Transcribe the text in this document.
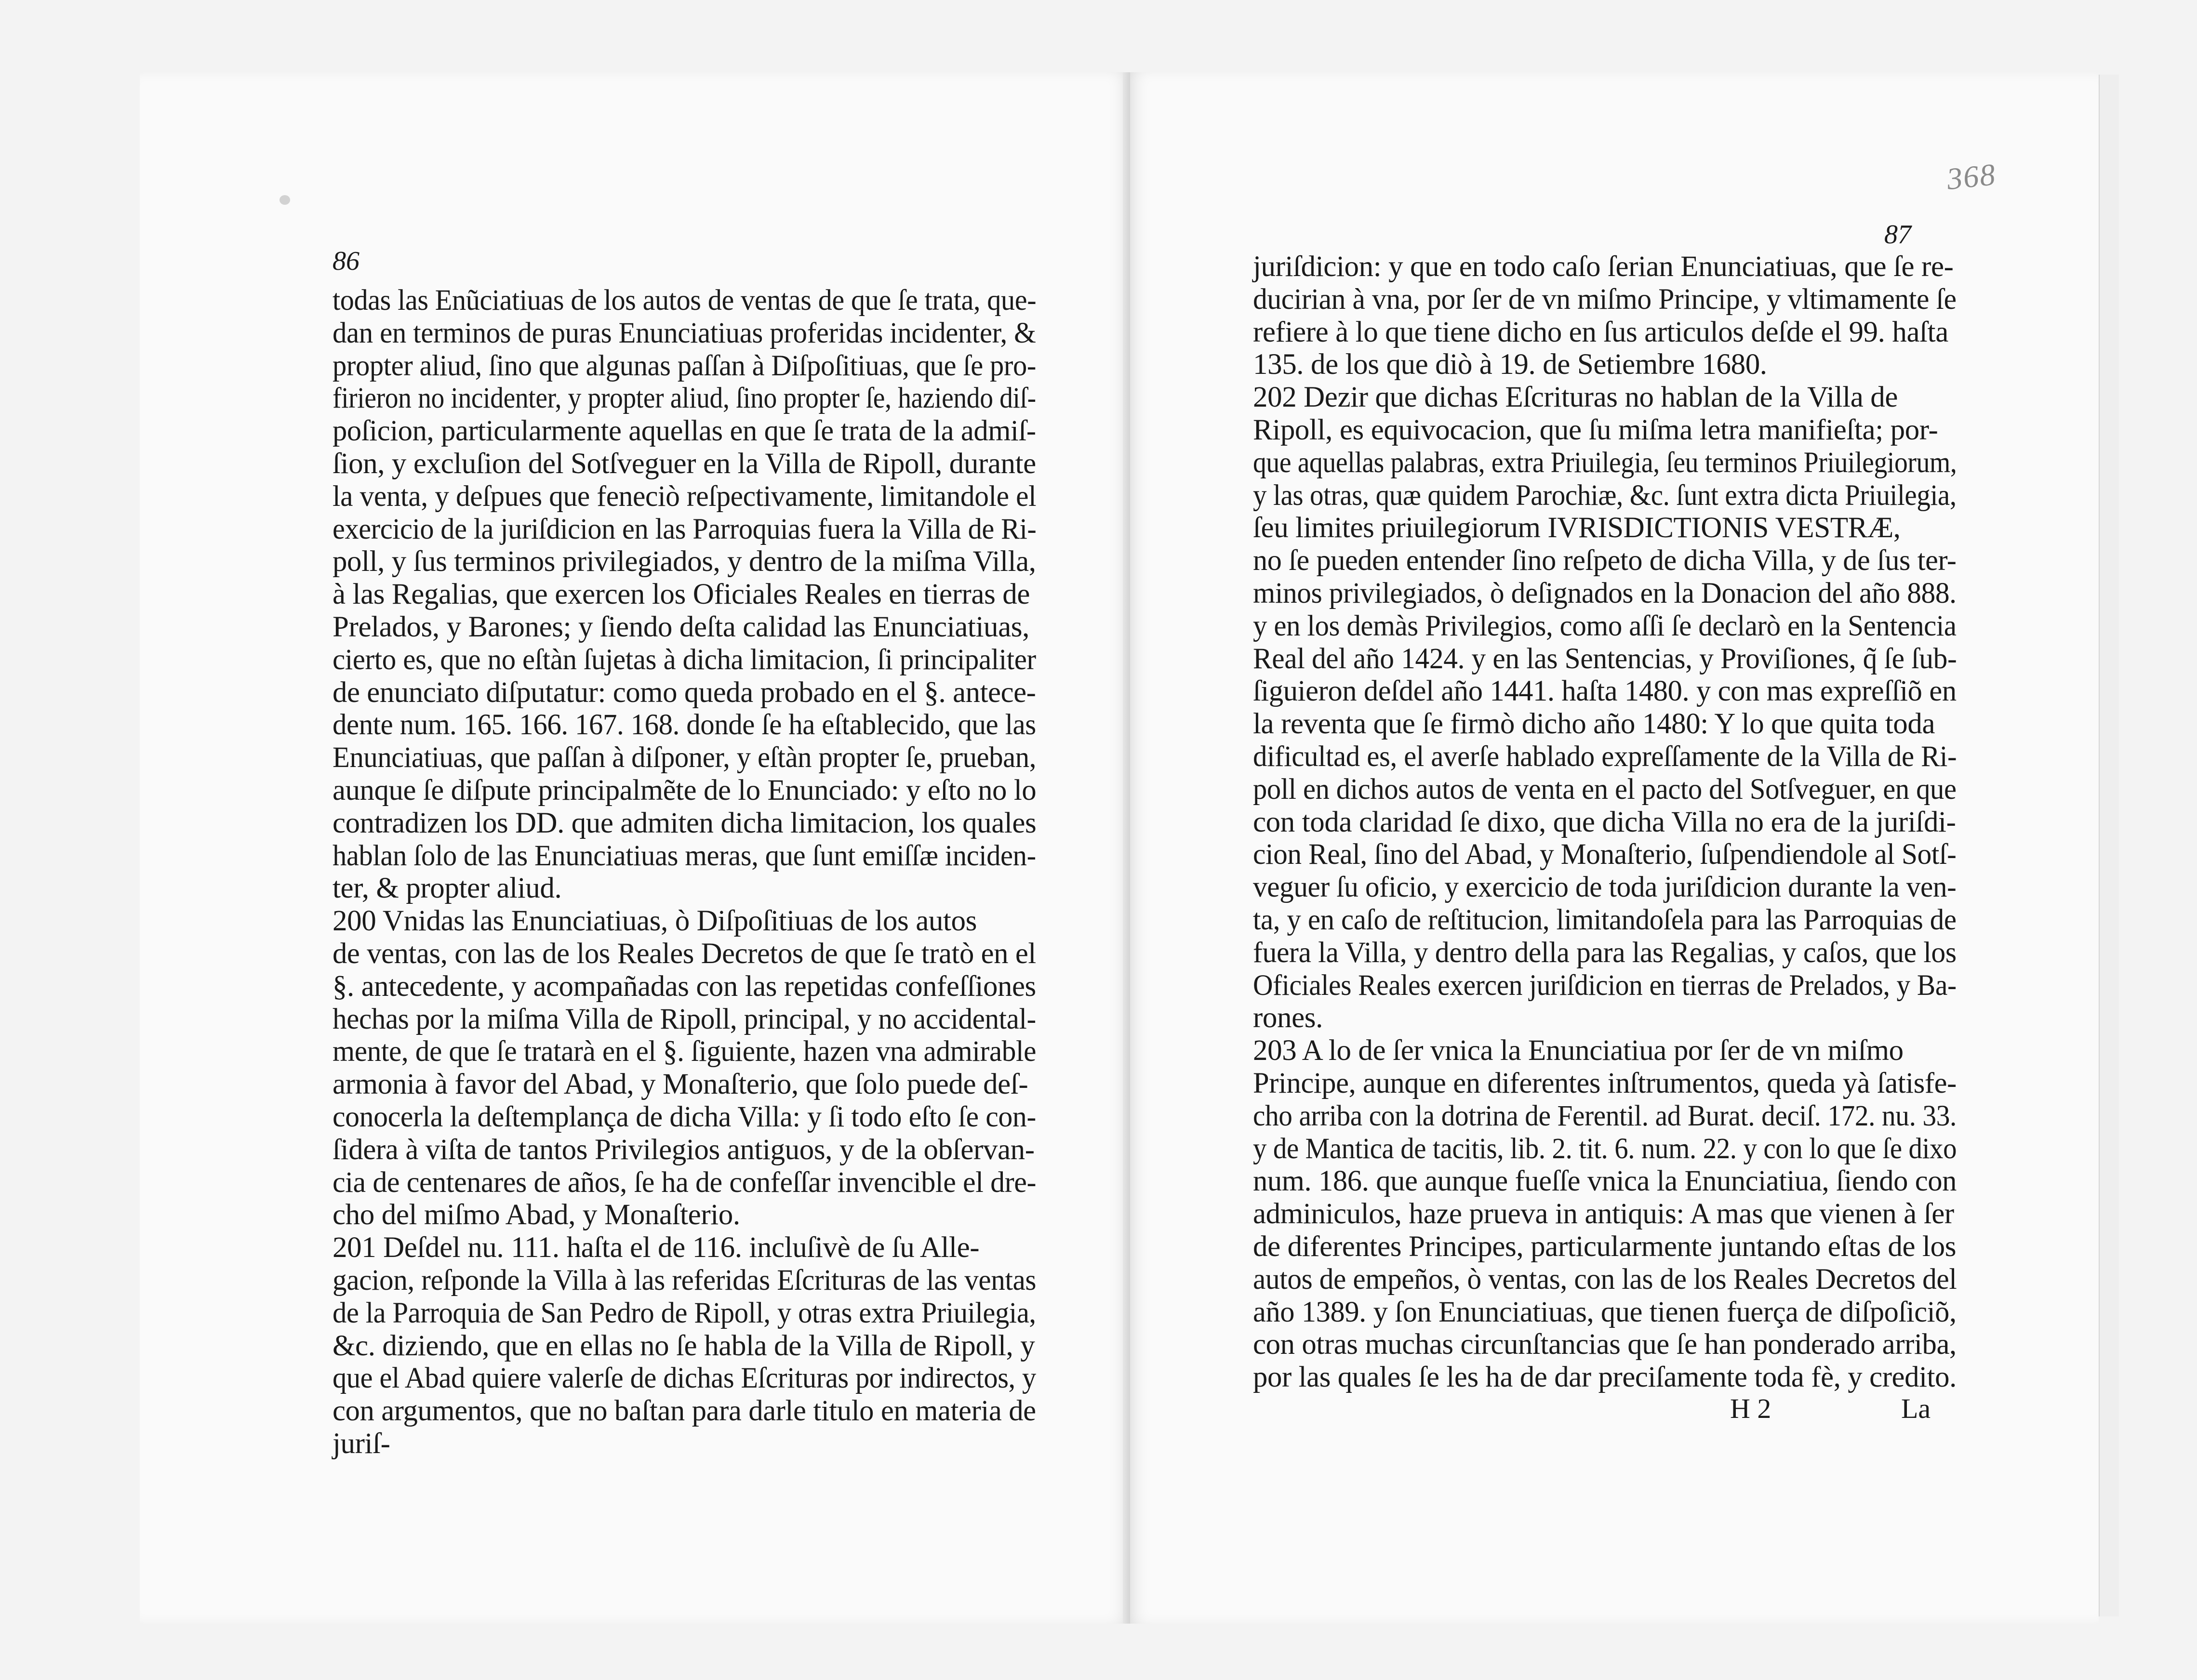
86
todas las Enũciatiuas de los autos de ventas de que ſe trata, que-
dan en terminos de puras Enunciatiuas proferidas incidenter, &
propter aliud, ſino que algunas paſſan à Diſpoſitiuas, que ſe pro-
firieron no incidenter, y propter aliud, ſino propter ſe, haziendo diſ-
poſicion, particularmente aquellas en que ſe trata de la admiſ-
ſion, y excluſion del Sotſveguer en la Villa de Ripoll, durante
la venta, y deſpues que feneciò reſpectivamente, limitandole el
exercicio de la juriſdicion en las Parroquias fuera la Villa de Ri-
poll, y ſus terminos privilegiados, y dentro de la miſma Villa,
à las Regalias, que exercen los Oficiales Reales en tierras de
Prelados, y Barones; y ſiendo deſta calidad las Enunciatiuas,
cierto es, que no eſtàn ſujetas à dicha limitacion, ſi principaliter
de enunciato diſputatur: como queda probado en el §. antece-
dente num. 165. 166. 167. 168. donde ſe ha eſtablecido, que las
Enunciatiuas, que paſſan à diſponer, y eſtàn propter ſe, prueban,
aunque ſe diſpute principalmẽte de lo Enunciado: y eſto no lo
contradizen los DD. que admiten dicha limitacion, los quales
hablan ſolo de las Enunciatiuas meras, que ſunt emiſſæ inciden-
ter, & propter aliud.
200 Vnidas las Enunciatiuas, ò Diſpoſitiuas de los autos
de ventas, con las de los Reales Decretos de que ſe tratò en el
§. antecedente, y acompañadas con las repetidas confeſſiones
hechas por la miſma Villa de Ripoll, principal, y no accidental-
mente, de que ſe tratarà en el §. ſiguiente, hazen vna admirable
armonia à favor del Abad, y Monaſterio, que ſolo puede deſ-
conocerla la deſtemplança de dicha Villa: y ſi todo eſto ſe con-
ſidera à viſta de tantos Privilegios antiguos, y de la obſervan-
cia de centenares de años, ſe ha de confeſſar invencible el dre-
cho del miſmo Abad, y Monaſterio.
201 Deſdel nu. 111. haſta el de 116. incluſivè de ſu Alle-
gacion, reſponde la Villa à las referidas Eſcrituras de las ventas
de la Parroquia de San Pedro de Ripoll, y otras extra Priuilegia,
&c. diziendo, que en ellas no ſe habla de la Villa de Ripoll, y
que el Abad quiere valerſe de dichas Eſcrituras por indirectos, y
con argumentos, que no baſtan para darle titulo en materia de
juriſ-
87
juriſdicion: y que en todo caſo ſerian Enunciatiuas, que ſe re-
ducirian à vna, por ſer de vn miſmo Principe, y vltimamente ſe
refiere à lo que tiene dicho en ſus articulos deſde el 99. haſta
135. de los que diò à 19. de Setiembre 1680.
202 Dezir que dichas Eſcrituras no hablan de la Villa de
Ripoll, es equivocacion, que ſu miſma letra manifieſta; por-
que aquellas palabras, extra Priuilegia, ſeu terminos Priuilegiorum,
y las otras, quæ quidem Parochiæ, &c. ſunt extra dicta Priuilegia,
ſeu limites priuilegiorum IVRISDICTIONIS VESTRÆ,
no ſe pueden entender ſino reſpeto de dicha Villa, y de ſus ter-
minos privilegiados, ò deſignados en la Donacion del año 888.
y en los demàs Privilegios, como aſſi ſe declarò en la Sentencia
Real del año 1424. y en las Sentencias, y Proviſiones, q̃ ſe ſub-
ſiguieron deſdel año 1441. haſta 1480. y con mas expreſſiõ en
la reventa que ſe firmò dicho año 1480: Y lo que quita toda
dificultad es, el averſe hablado expreſſamente de la Villa de Ri-
poll en dichos autos de venta en el pacto del Sotſveguer, en que
con toda claridad ſe dixo, que dicha Villa no era de la juriſdi-
cion Real, ſino del Abad, y Monaſterio, ſuſpendiendole al Sotſ-
veguer ſu oficio, y exercicio de toda juriſdicion durante la ven-
ta, y en caſo de reſtitucion, limitandoſela para las Parroquias de
fuera la Villa, y dentro della para las Regalias, y caſos, que los
Oficiales Reales exercen juriſdicion en tierras de Prelados, y Ba-
rones.
203 A lo de ſer vnica la Enunciatiua por ſer de vn miſmo
Principe, aunque en diferentes inſtrumentos, queda yà ſatisfe-
cho arriba con la dotrina de Ferentil. ad Burat. deciſ. 172. nu. 33.
y de Mantica de tacitis, lib. 2. tit. 6. num. 22. y con lo que ſe dixo
num. 186. que aunque fueſſe vnica la Enunciatiua, ſiendo con
adminiculos, haze prueva in antiquis: A mas que vienen à ſer
de diferentes Principes, particularmente juntando eſtas de los
autos de empeños, ò ventas, con las de los Reales Decretos del
año 1389. y ſon Enunciatiuas, que tienen fuerça de diſpoſiciõ,
con otras muchas circunſtancias que ſe han ponderado arriba,
por las quales ſe les ha de dar preciſamente toda fè, y credito.
H 2	La
368
